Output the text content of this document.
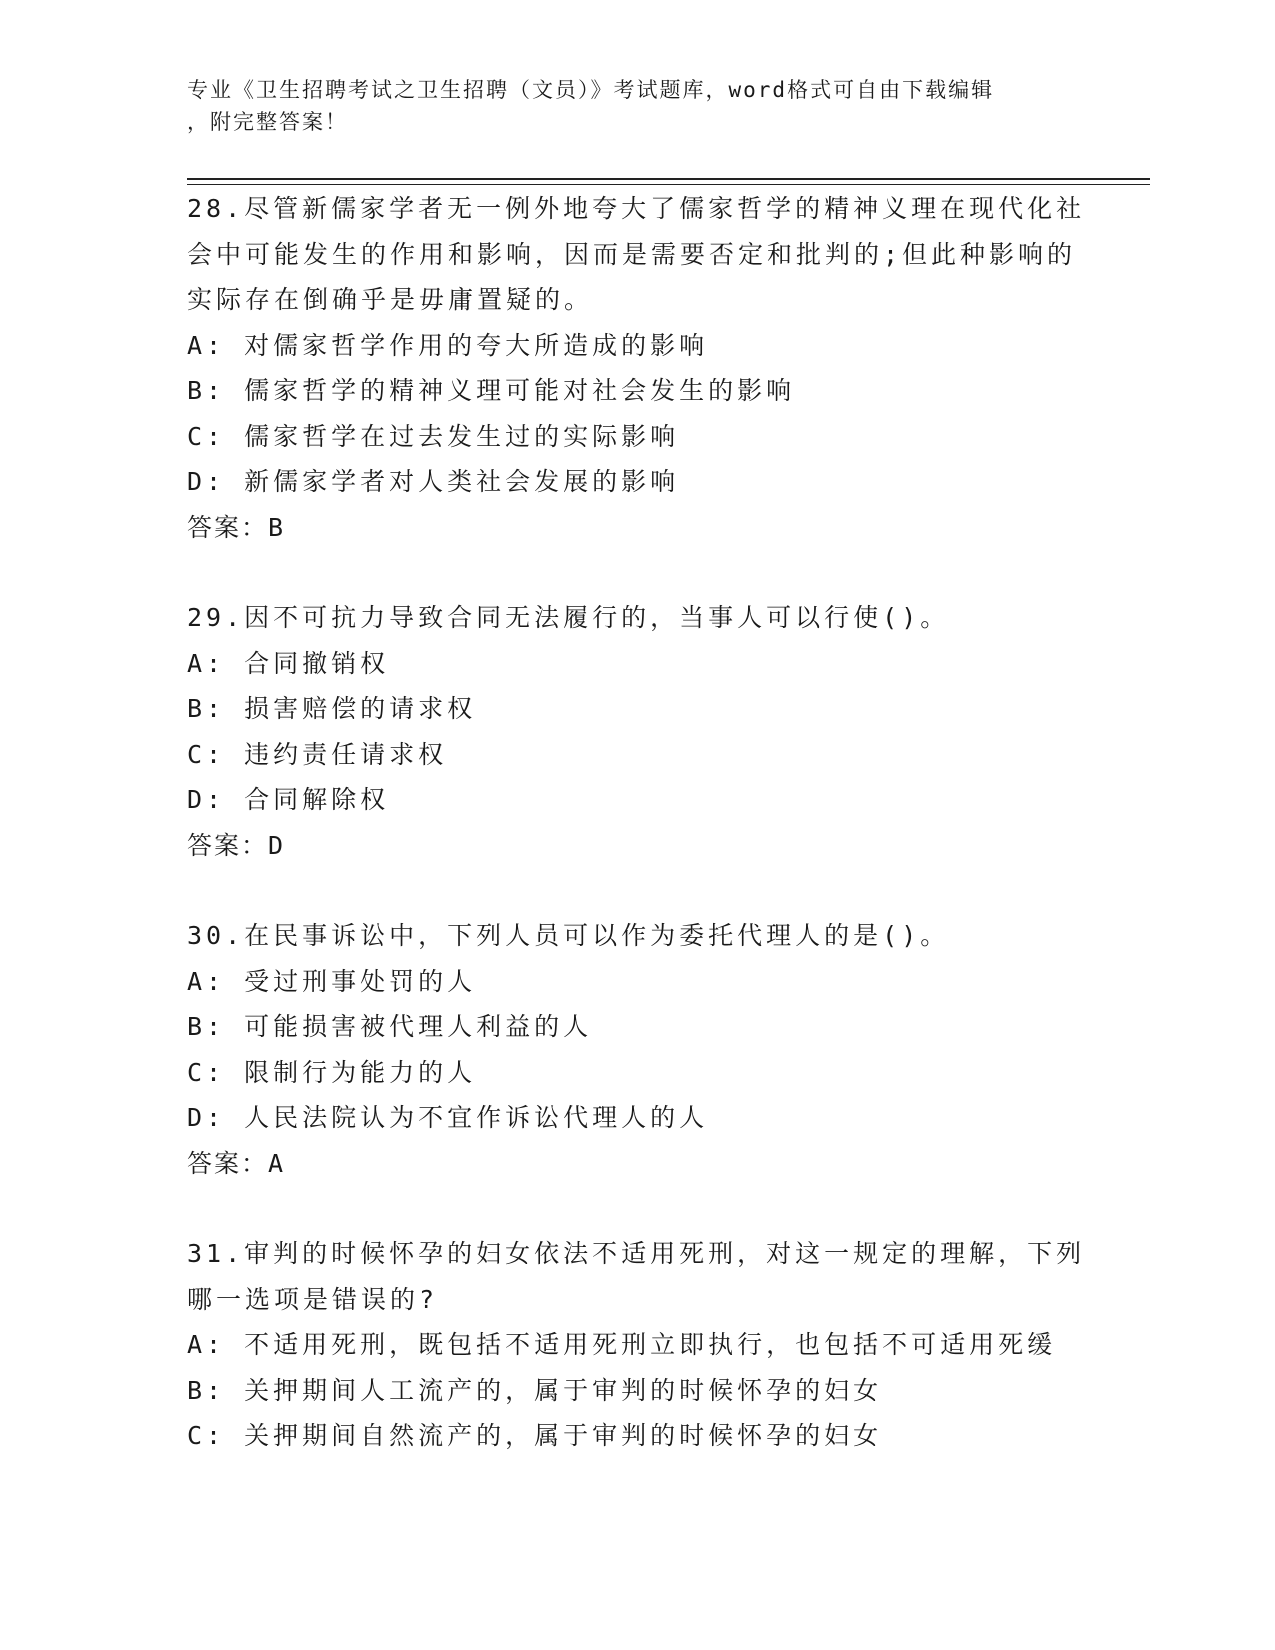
专业《卫生招聘考试之卫生招聘（文员）》考试题库，word格式可自由下载编辑
，附完整答案！
28.尽管新儒家学者无一例外地夸大了儒家哲学的精神义理在现代化社
会中可能发生的作用和影响，因而是需要否定和批判的;但此种影响的
实际存在倒确乎是毋庸置疑的。
A: 对儒家哲学作用的夸大所造成的影响
B: 儒家哲学的精神义理可能对社会发生的影响
C: 儒家哲学在过去发生过的实际影响
D: 新儒家学者对人类社会发展的影响
答案：B
29.因不可抗力导致合同无法履行的，当事人可以行使()。
A: 合同撤销权
B: 损害赔偿的请求权
C: 违约责任请求权
D: 合同解除权
答案：D
30.在民事诉讼中，下列人员可以作为委托代理人的是()。
A: 受过刑事处罚的人
B: 可能损害被代理人利益的人
C: 限制行为能力的人
D: 人民法院认为不宜作诉讼代理人的人
答案：A
31.审判的时候怀孕的妇女依法不适用死刑，对这一规定的理解，下列
哪一选项是错误的?
A: 不适用死刑，既包括不适用死刑立即执行，也包括不可适用死缓
B: 关押期间人工流产的，属于审判的时候怀孕的妇女
C: 关押期间自然流产的，属于审判的时候怀孕的妇女
